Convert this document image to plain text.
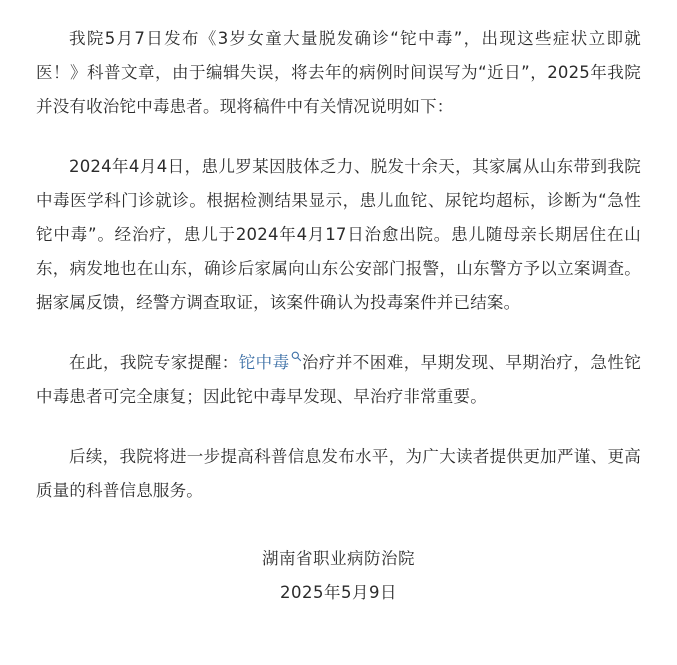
我院5月7日发布《3岁女童大量脱发确诊“铊中毒”，出现这些症状立即就医！》科普文章，由于编辑失误，将去年的病例时间误写为“近日”，2025年我院并没有收治铊中毒患者。现将稿件中有关情况说明如下：

2024年4月4日，患儿罗某因肢体乏力、脱发十余天，其家属从山东带到我院中毒医学科门诊就诊。根据检测结果显示，患儿血铊、尿铊均超标，诊断为“急性铊中毒”。经治疗，患儿于2024年4月17日治愈出院。患儿随母亲长期居住在山东，病发地也在山东，确诊后家属向山东公安部门报警，山东警方予以立案调查。据家属反馈，经警方调查取证，该案件确认为投毒案件并已结案。

在此，我院专家提醒：铊中毒 治疗并不困难，早期发现、早期治疗，急性铊中毒患者可完全康复；因此铊中毒早发现、早治疗非常重要。

后续，我院将进一步提高科普信息发布水平，为广大读者提供更加严谨、更高质量的科普信息服务。

湖南省职业病防治院
2025年5月9日
